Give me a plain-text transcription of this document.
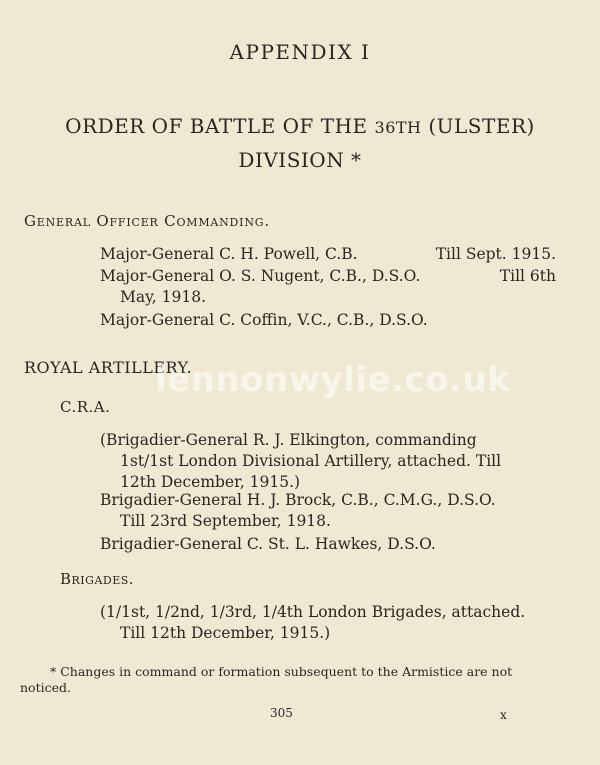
APPENDIX I
ORDER OF BATTLE OF THE 36TH (ULSTER)
DIVISION *
General Officer Commanding.
Major-General C. H. Powell, C.B.	Till Sept. 1915.
Major-General O. S. Nugent, C.B., D.S.O.	Till 6th
May, 1918.
Major-General C. Coffin, V.C., C.B., D.S.O.
ROYAL ARTILLERY.
C.R.A.
(Brigadier-General R. J. Elkington, commanding
1st/1st London Divisional Artillery, attached. Till
12th December, 1915.)
Brigadier-General H. J. Brock, C.B., C.M.G., D.S.O.
Till 23rd September, 1918.
Brigadier-General C. St. L. Hawkes, D.S.O.
Brigades.
(1/1st, 1/2nd, 1/3rd, 1/4th London Brigades, attached.
Till 12th December, 1915.)
* Changes in command or formation subsequent to the Armistice are not noticed.
305	x
lennonwylie.co.uk
